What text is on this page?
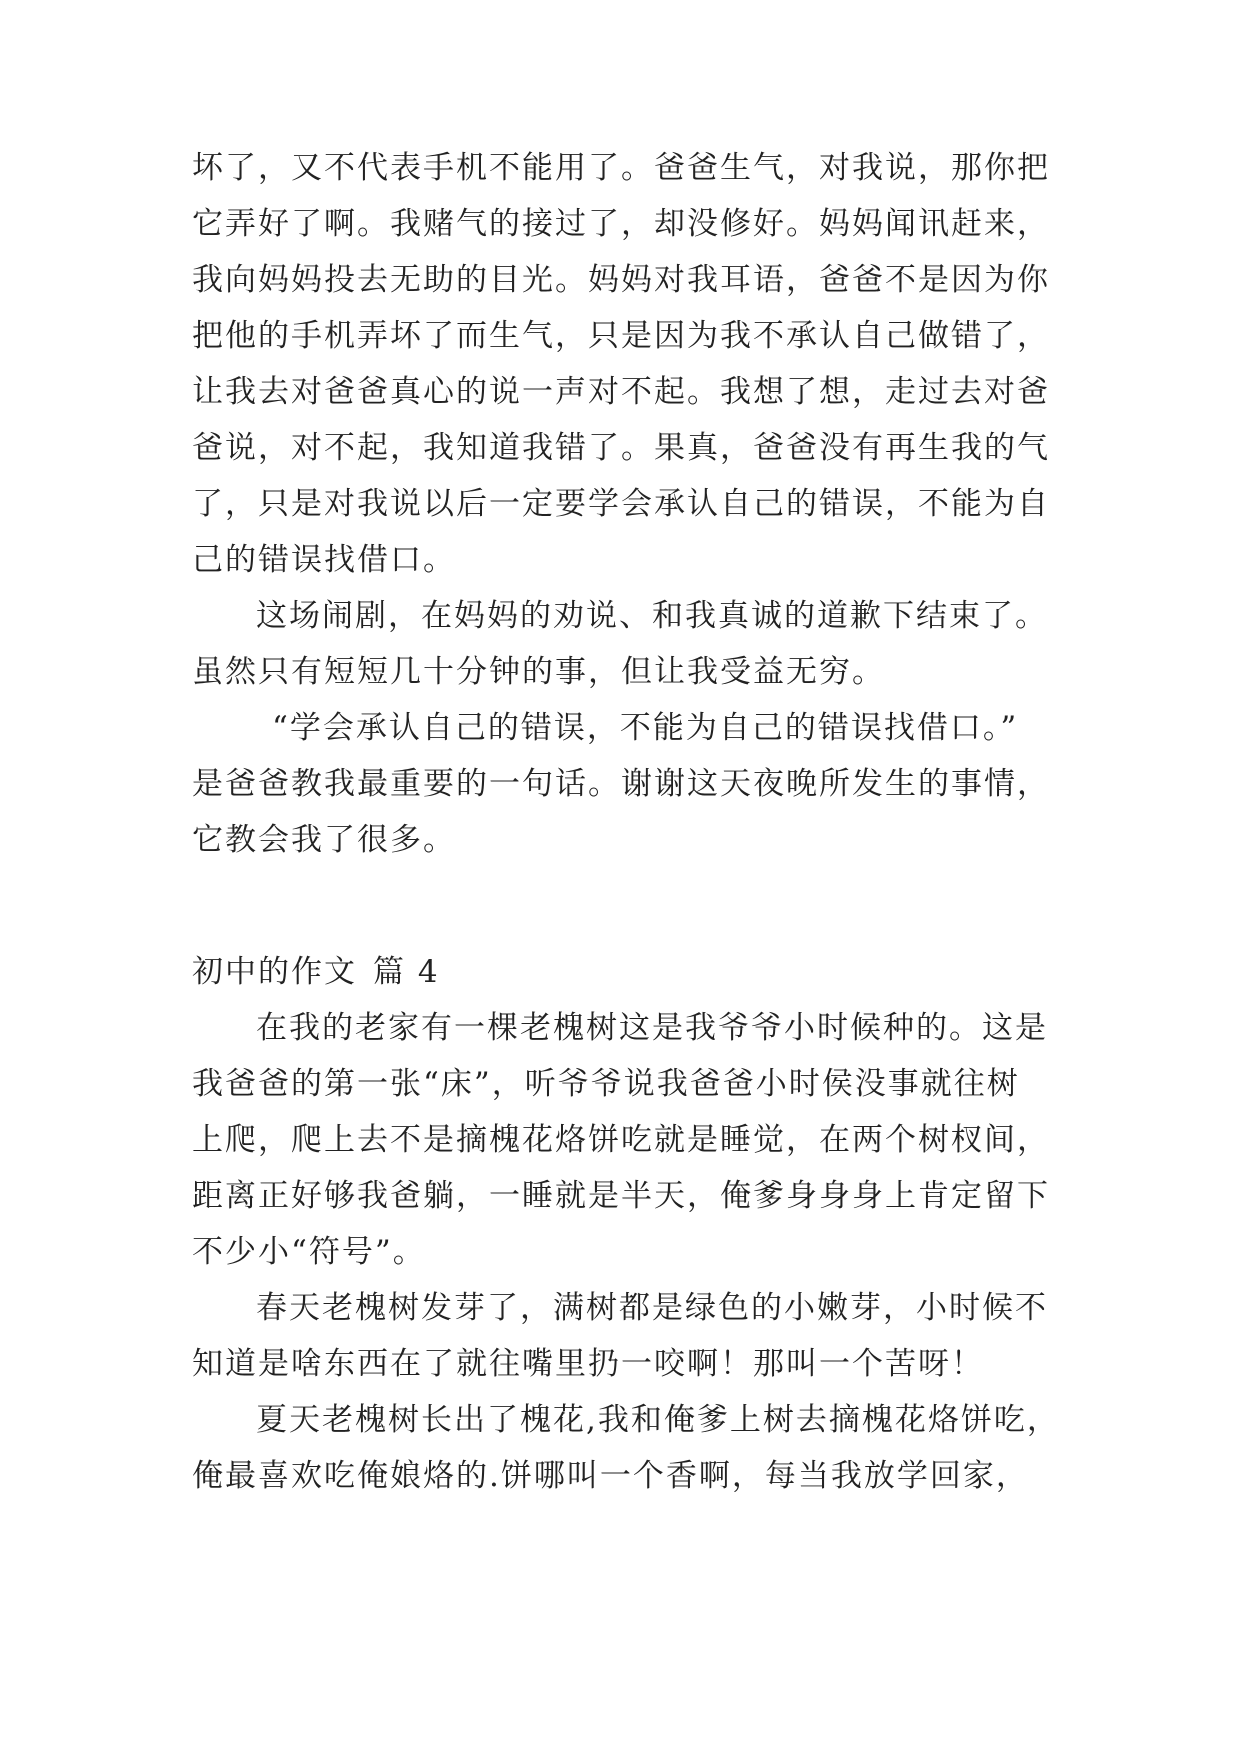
坏了，又不代表手机不能用了。爸爸生气，对我说，那你把
它弄好了啊。我赌气的接过了，却没修好。妈妈闻讯赶来，
我向妈妈投去无助的目光。妈妈对我耳语，爸爸不是因为你
把他的手机弄坏了而生气，只是因为我不承认自己做错了，
让我去对爸爸真心的说一声对不起。我想了想，走过去对爸
爸说，对不起，我知道我错了。果真，爸爸没有再生我的气
了，只是对我说以后一定要学会承认自己的错误，不能为自
己的错误找借口。
这场闹剧，在妈妈的劝说、和我真诚的道歉下结束了。
虽然只有短短几十分钟的事，但让我受益无穷。
“学会承认自己的错误，不能为自己的错误找借口。”
是爸爸教我最重要的一句话。谢谢这天夜晚所发生的事情，
它教会我了很多。
初中的作文 篇 4
在我的老家有一棵老槐树这是我爷爷小时候种的。这是
我爸爸的第一张“床”，听爷爷说我爸爸小时侯没事就往树
上爬，爬上去不是摘槐花烙饼吃就是睡觉，在两个树杈间，
距离正好够我爸躺，一睡就是半天，俺爹身身身上肯定留下
不少小“符号”。
春天老槐树发芽了，满树都是绿色的小嫩芽，小时候不
知道是啥东西在了就往嘴里扔一咬啊！那叫一个苦呀！
夏天老槐树长出了槐花,我和俺爹上树去摘槐花烙饼吃，
俺最喜欢吃俺娘烙的.饼哪叫一个香啊，每当我放学回家，
